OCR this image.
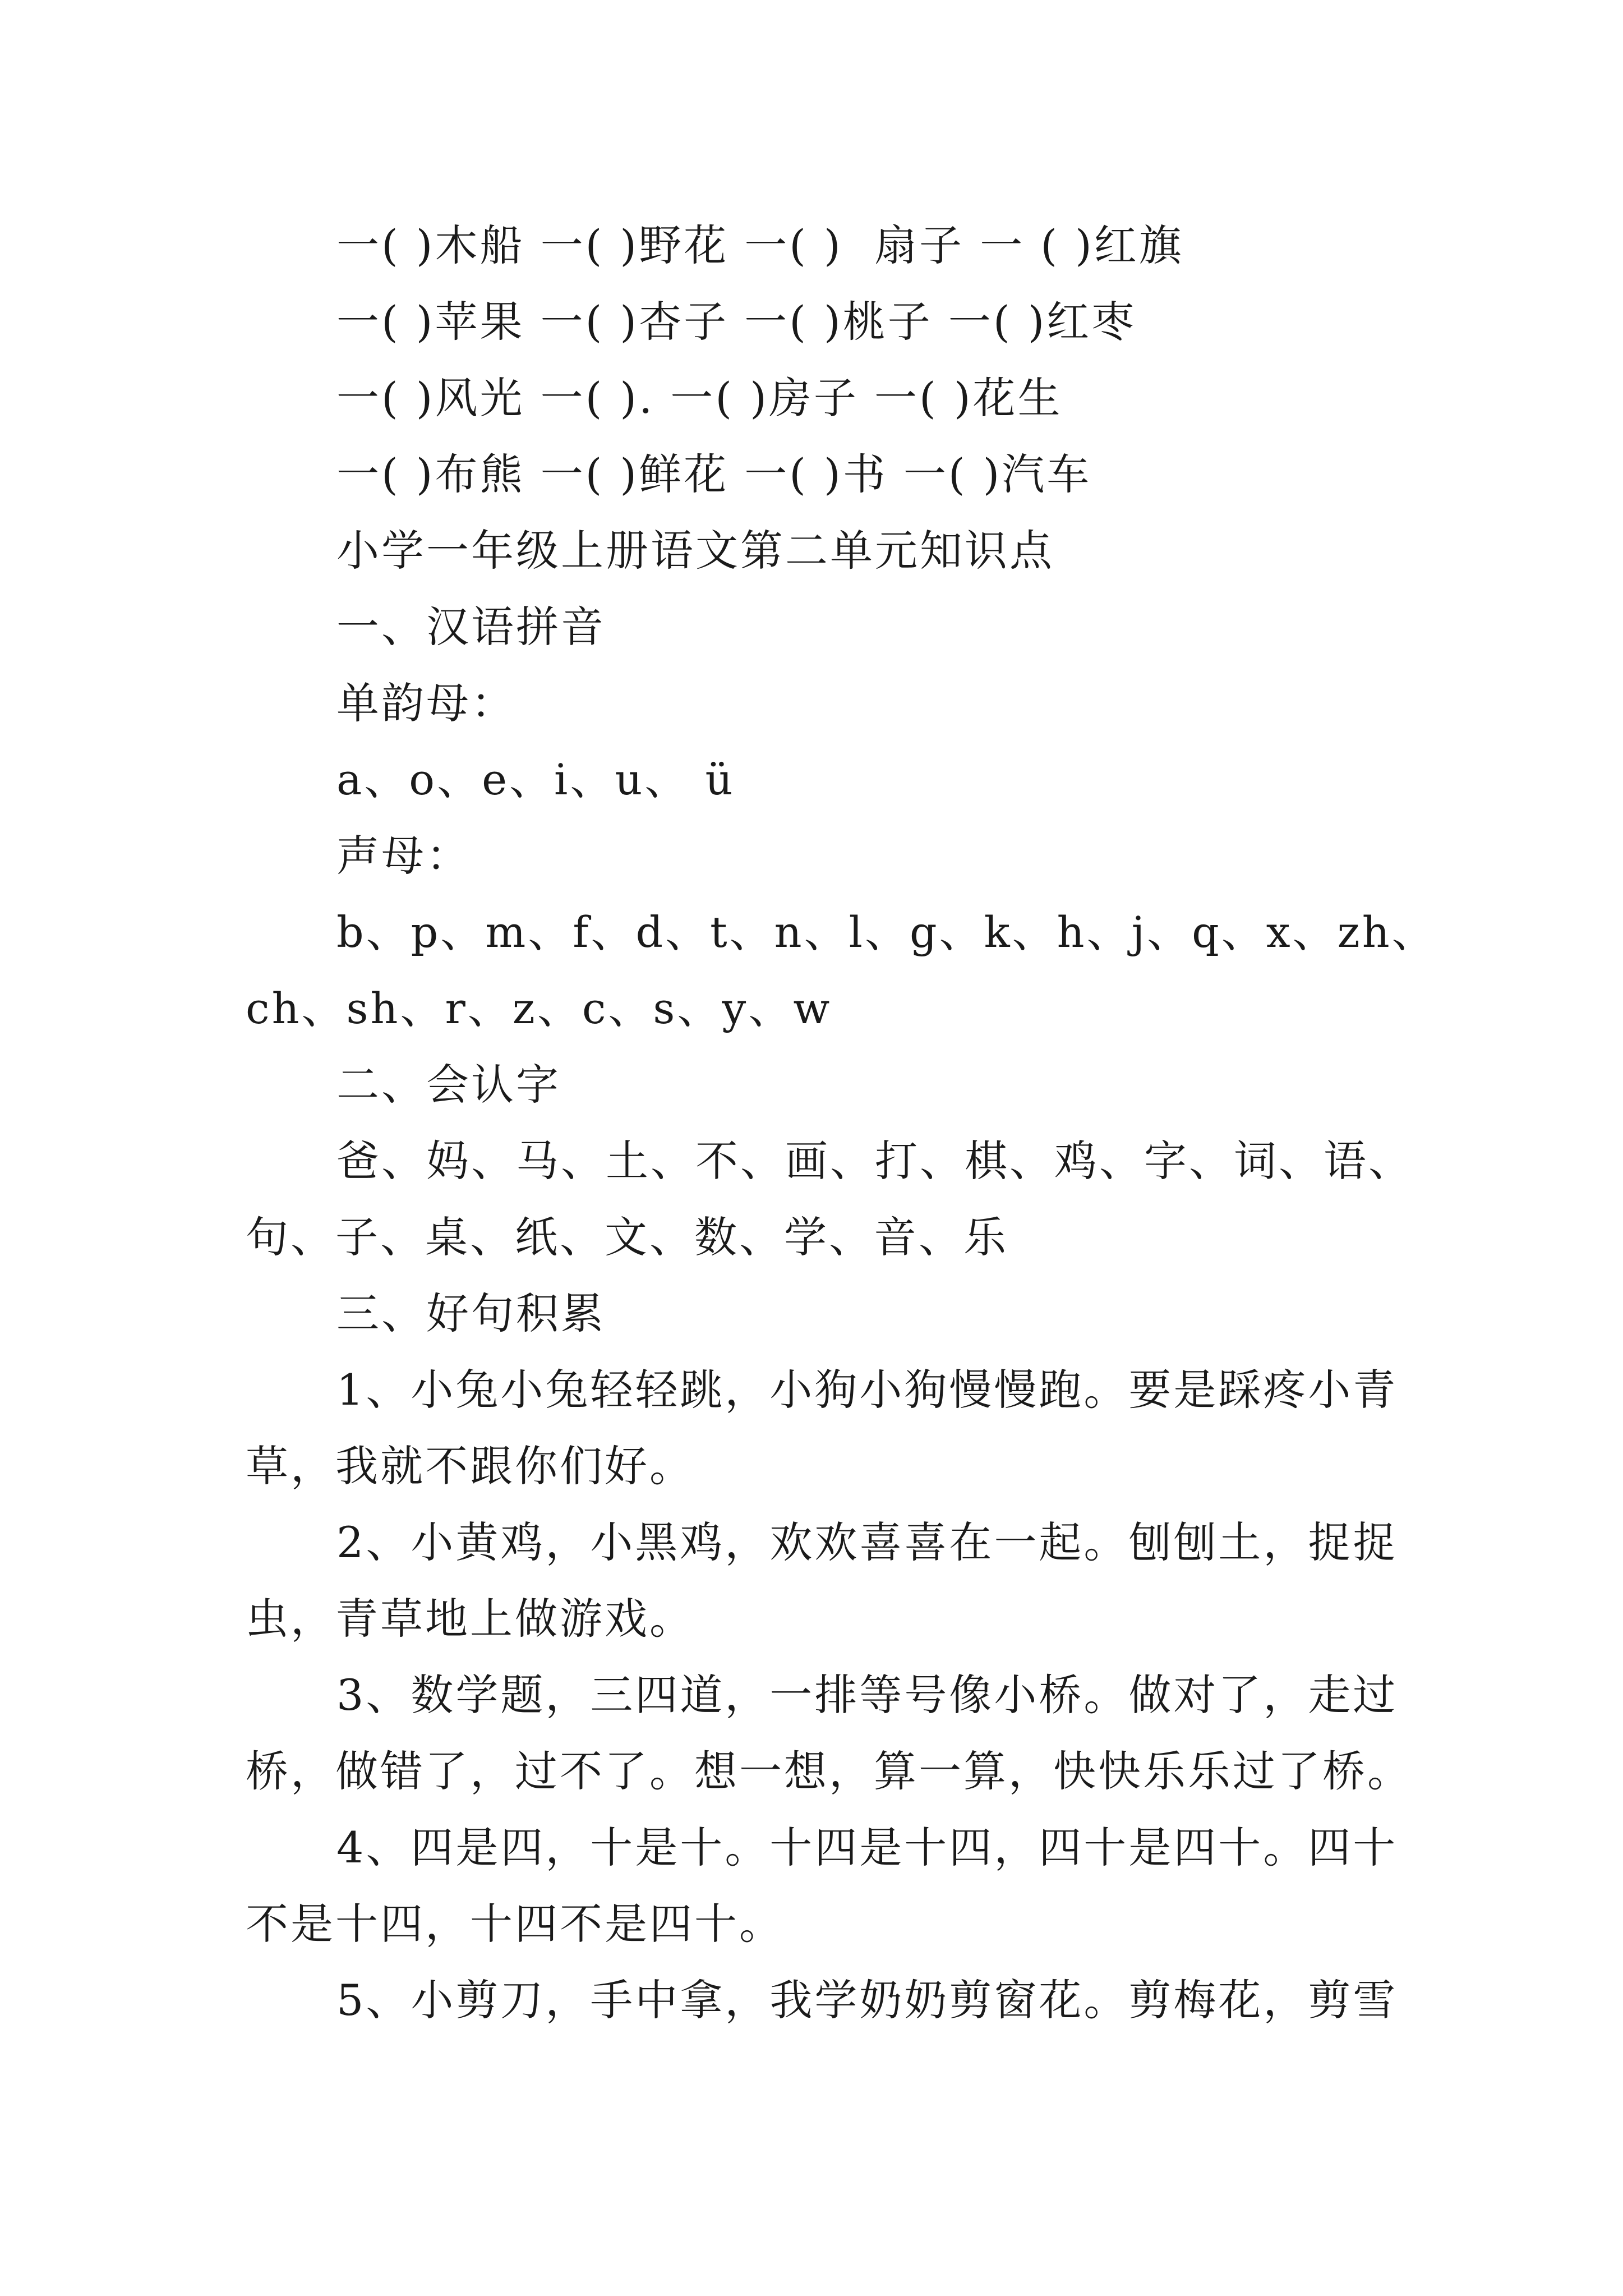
一( )木船 一( )野花 一( )  扇子 一 ( )红旗
一( )苹果 一( )杏子 一( )桃子 一( )红枣
一( )风光 一( ). 一( )房子 一( )花生
一( )布熊 一( )鲜花 一( )书 一( )汽车
小学一年级上册语文第二单元知识点
一、汉语拼音
单韵母：
a、o、e、i、u、 ü
声母：
b、p、m、f、d、t、n、l、g、k、h、j、q、x、zh、
ch、sh、r、z、c、s、y、w
二、会认字
爸、妈、马、土、不、画、打、棋、鸡、字、词、语、
句、子、桌、纸、文、数、学、音、乐
三、好句积累
1、小兔小兔轻轻跳，小狗小狗慢慢跑。要是踩疼小青
草，我就不跟你们好。
2、小黄鸡，小黑鸡，欢欢喜喜在一起。刨刨土，捉捉
虫，青草地上做游戏。
3、数学题，三四道，一排等号像小桥。做对了，走过
桥，做错了，过不了。想一想，算一算，快快乐乐过了桥。
4、四是四，十是十。十四是十四，四十是四十。四十
不是十四，十四不是四十。
5、小剪刀，手中拿，我学奶奶剪窗花。剪梅花，剪雪
